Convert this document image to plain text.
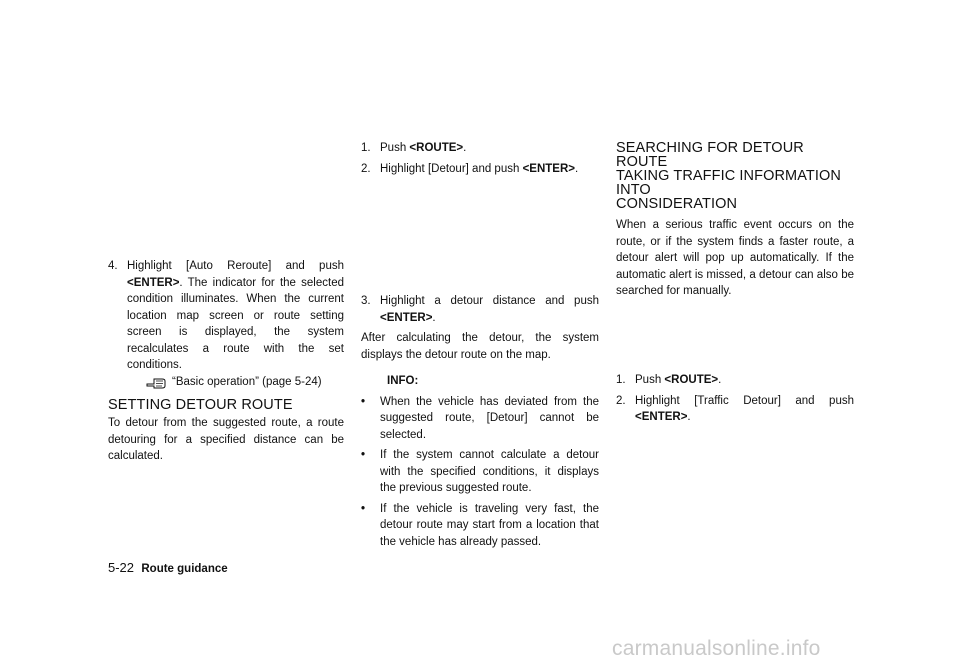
4. Highlight [Auto Reroute] and push <ENTER>. The indicator for the selected condition illuminates. When the current location map screen or route setting screen is displayed, the system recalculates a route with the set conditions.
“Basic operation” (page 5-24)
SETTING DETOUR ROUTE

To detour from the suggested route, a route detouring for a specified distance can be calculated.

1. Push <ROUTE>.
2. Highlight [Detour] and push <ENTER>.
3. Highlight a detour distance and push <ENTER>.

After calculating the detour, the system displays the detour route on the map.

INFO:

•	When the vehicle has deviated from the suggested route, [Detour] cannot be selected.
•	If the system cannot calculate a detour with the specified conditions, it displays the previous suggested route.
•	If the vehicle is traveling very fast, the detour route may start from a location that the vehicle has already passed.
SEARCHING FOR DETOUR ROUTE
TAKING TRAFFIC INFORMATION INTO
CONSIDERATION

When a serious traffic event occurs on the route, or if the system finds a faster route, a detour alert will pop up automatically. If the automatic alert is missed, a detour can also be searched for manually.

1. Push <ROUTE>.
2. Highlight [Traffic Detour] and push <ENTER>.
5-22 Route guidance
carmanualsonline.info
